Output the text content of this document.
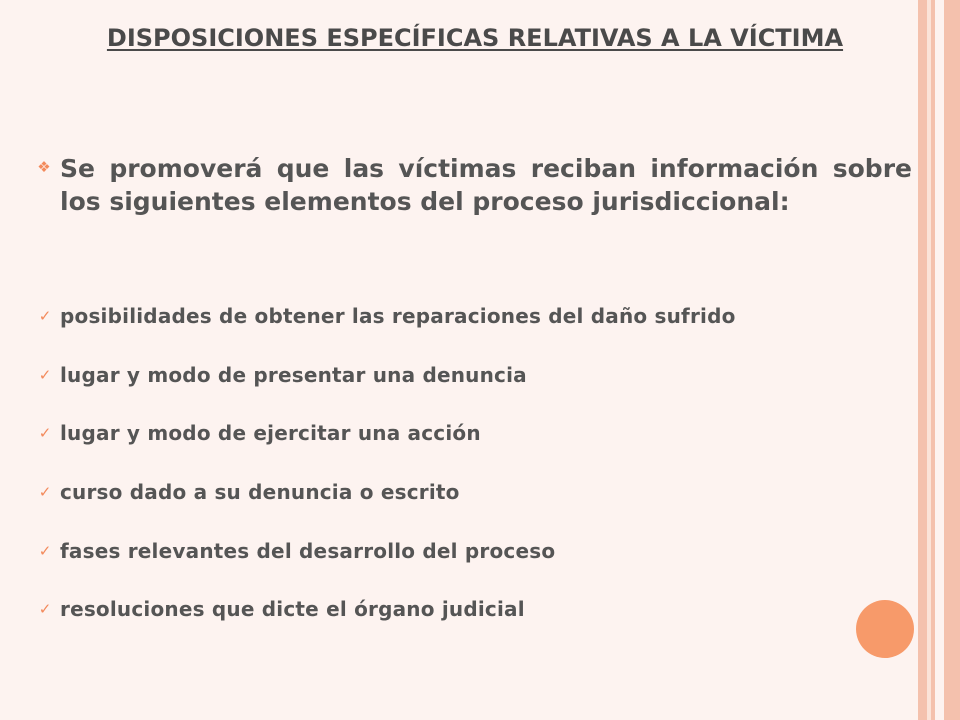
DISPOSICIONES ESPECÍFICAS RELATIVAS A LA VÍCTIMA
❖ Se promoverá que las víctimas reciban información sobre los siguientes elementos del proceso jurisdiccional:
✓ posibilidades de obtener las reparaciones del daño sufrido
✓ lugar y modo de presentar una denuncia
✓ lugar y modo de ejercitar una acción
✓ curso dado a su denuncia o escrito
✓ fases relevantes del desarrollo del proceso
✓ resoluciones que dicte el órgano judicial
